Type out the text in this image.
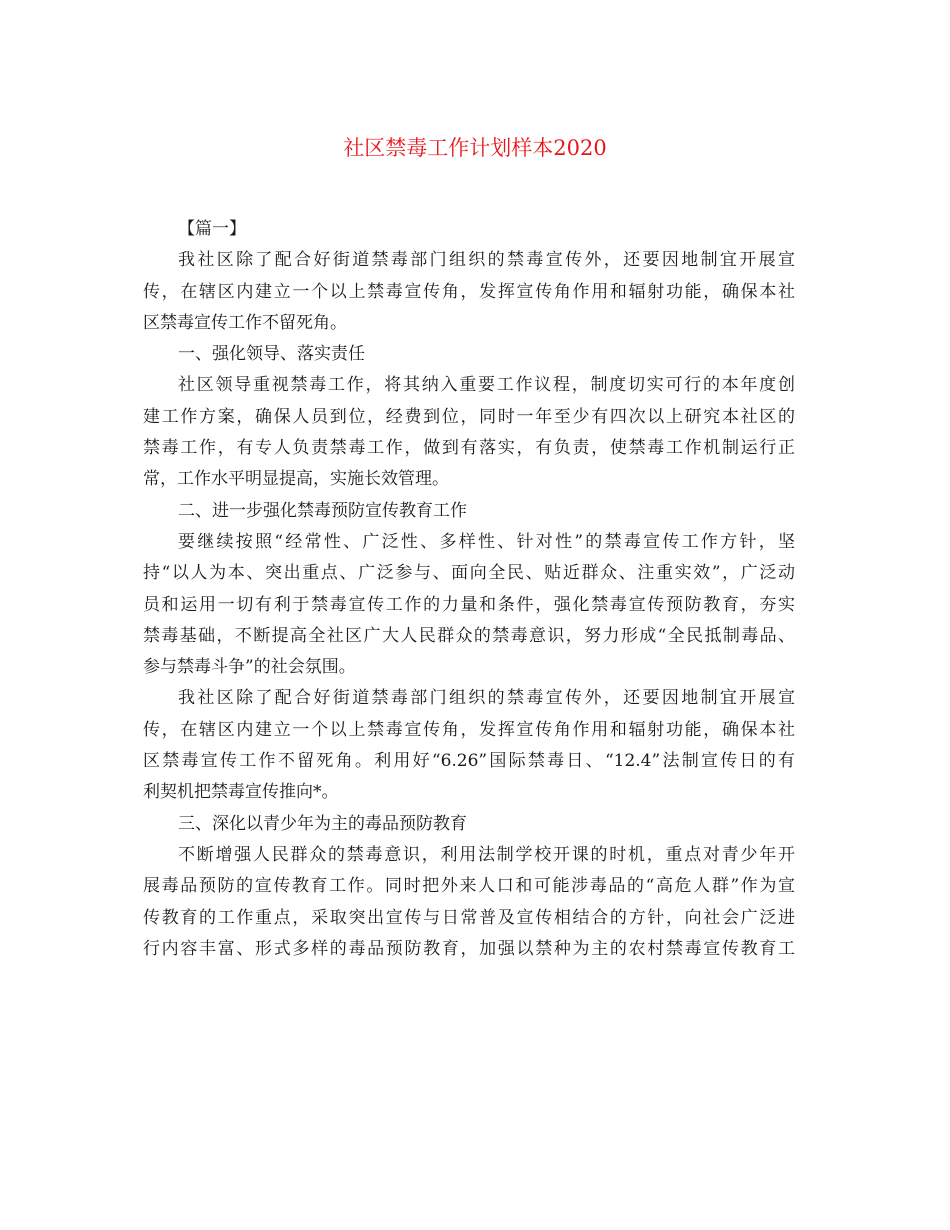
社区禁毒工作计划样本2020
【篇一】
我社区除了配合好街道禁毒部门组织的禁毒宣传外，还要因地制宜开展宣
传，在辖区内建立一个以上禁毒宣传角，发挥宣传角作用和辐射功能，确保本社
区禁毒宣传工作不留死角。
一、强化领导、落实责任
社区领导重视禁毒工作，将其纳入重要工作议程，制度切实可行的本年度创
建工作方案，确保人员到位，经费到位，同时一年至少有四次以上研究本社区的
禁毒工作，有专人负责禁毒工作，做到有落实，有负责，使禁毒工作机制运行正
常，工作水平明显提高，实施长效管理。
二、进一步强化禁毒预防宣传教育工作
要继续按照“经常性、广泛性、多样性、针对性”的禁毒宣传工作方针，坚
持“以人为本、突出重点、广泛参与、面向全民、贴近群众、注重实效”，广泛动
员和运用一切有利于禁毒宣传工作的力量和条件，强化禁毒宣传预防教育，夯实
禁毒基础，不断提高全社区广大人民群众的禁毒意识，努力形成“全民抵制毒品、
参与禁毒斗争”的社会氛围。
我社区除了配合好街道禁毒部门组织的禁毒宣传外，还要因地制宜开展宣
传，在辖区内建立一个以上禁毒宣传角，发挥宣传角作用和辐射功能，确保本社
区禁毒宣传工作不留死角。利用好“6.26”国际禁毒日、“12.4”法制宣传日的有
利契机把禁毒宣传推向*。
三、深化以青少年为主的毒品预防教育
不断增强人民群众的禁毒意识，利用法制学校开课的时机，重点对青少年开
展毒品预防的宣传教育工作。同时把外来人口和可能涉毒品的“高危人群”作为宣
传教育的工作重点，采取突出宣传与日常普及宣传相结合的方针，向社会广泛进
行内容丰富、形式多样的毒品预防教育，加强以禁种为主的农村禁毒宣传教育工
